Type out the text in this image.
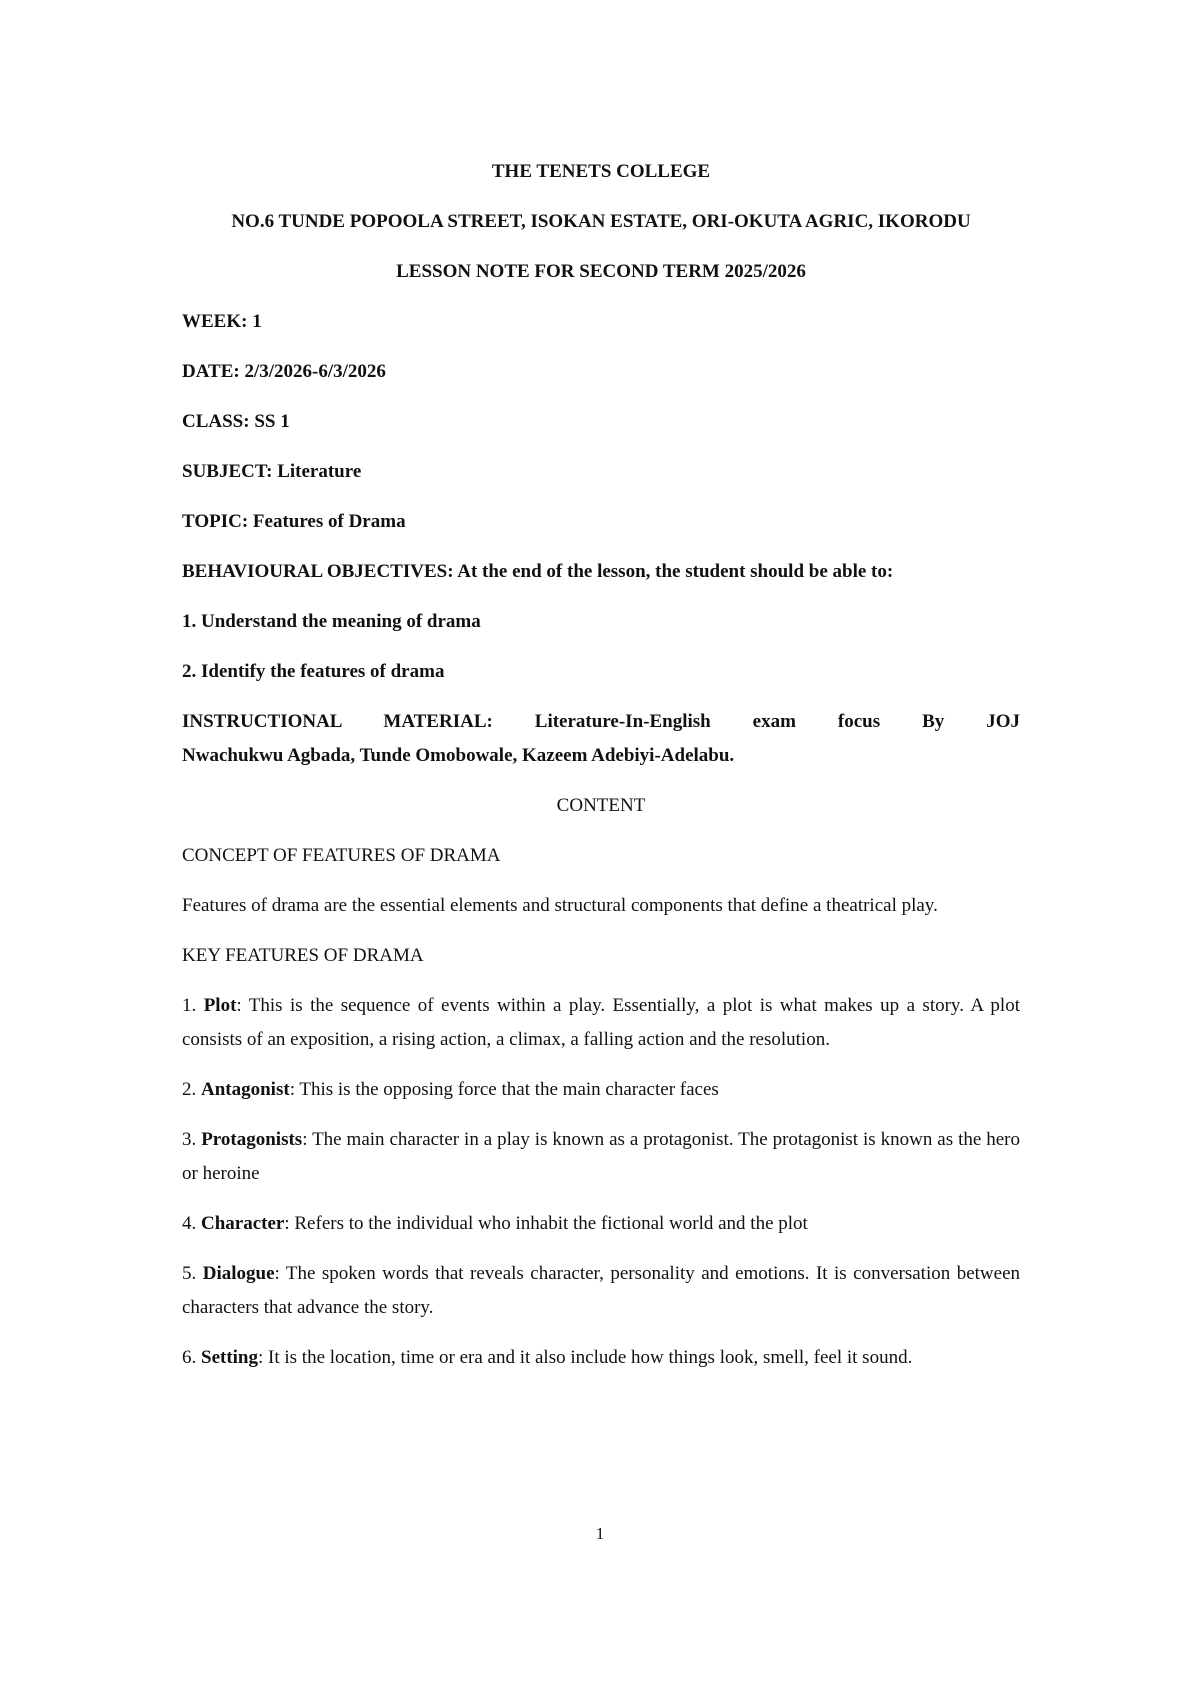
THE TENETS COLLEGE

NO.6 TUNDE POPOOLA STREET, ISOKAN ESTATE, ORI-OKUTA AGRIC, IKORODU

LESSON NOTE FOR SECOND TERM 2025/2026

WEEK: 1

DATE: 2/3/2026-6/3/2026

CLASS: SS 1

SUBJECT: Literature

TOPIC: Features of Drama

BEHAVIOURAL OBJECTIVES: At the end of the lesson, the student should be able to:

1. Understand the meaning of drama

2. Identify the features of drama

INSTRUCTIONAL MATERIAL: Literature-In-English exam focus By JOJ
Nwachukwu Agbada, Tunde Omobowale, Kazeem Adebiyi-Adelabu.

CONTENT

CONCEPT OF FEATURES OF DRAMA

Features of drama are the essential elements and structural components that define a theatrical play.

KEY FEATURES OF DRAMA

1. Plot: This is the sequence of events within a play. Essentially, a plot is what makes up a story. A plot consists of an exposition, a rising action, a climax, a falling action and the resolution.

2. Antagonist: This is the opposing force that the main character faces

3. Protagonists: The main character in a play is known as a protagonist. The protagonist is known as the hero or heroine

4. Character: Refers to the individual who inhabit the fictional world and the plot

5. Dialogue: The spoken words that reveals character, personality and emotions. It is conversation between characters that advance the story.

6. Setting: It is the location, time or era and it also include how things look, smell, feel it sound.

1
